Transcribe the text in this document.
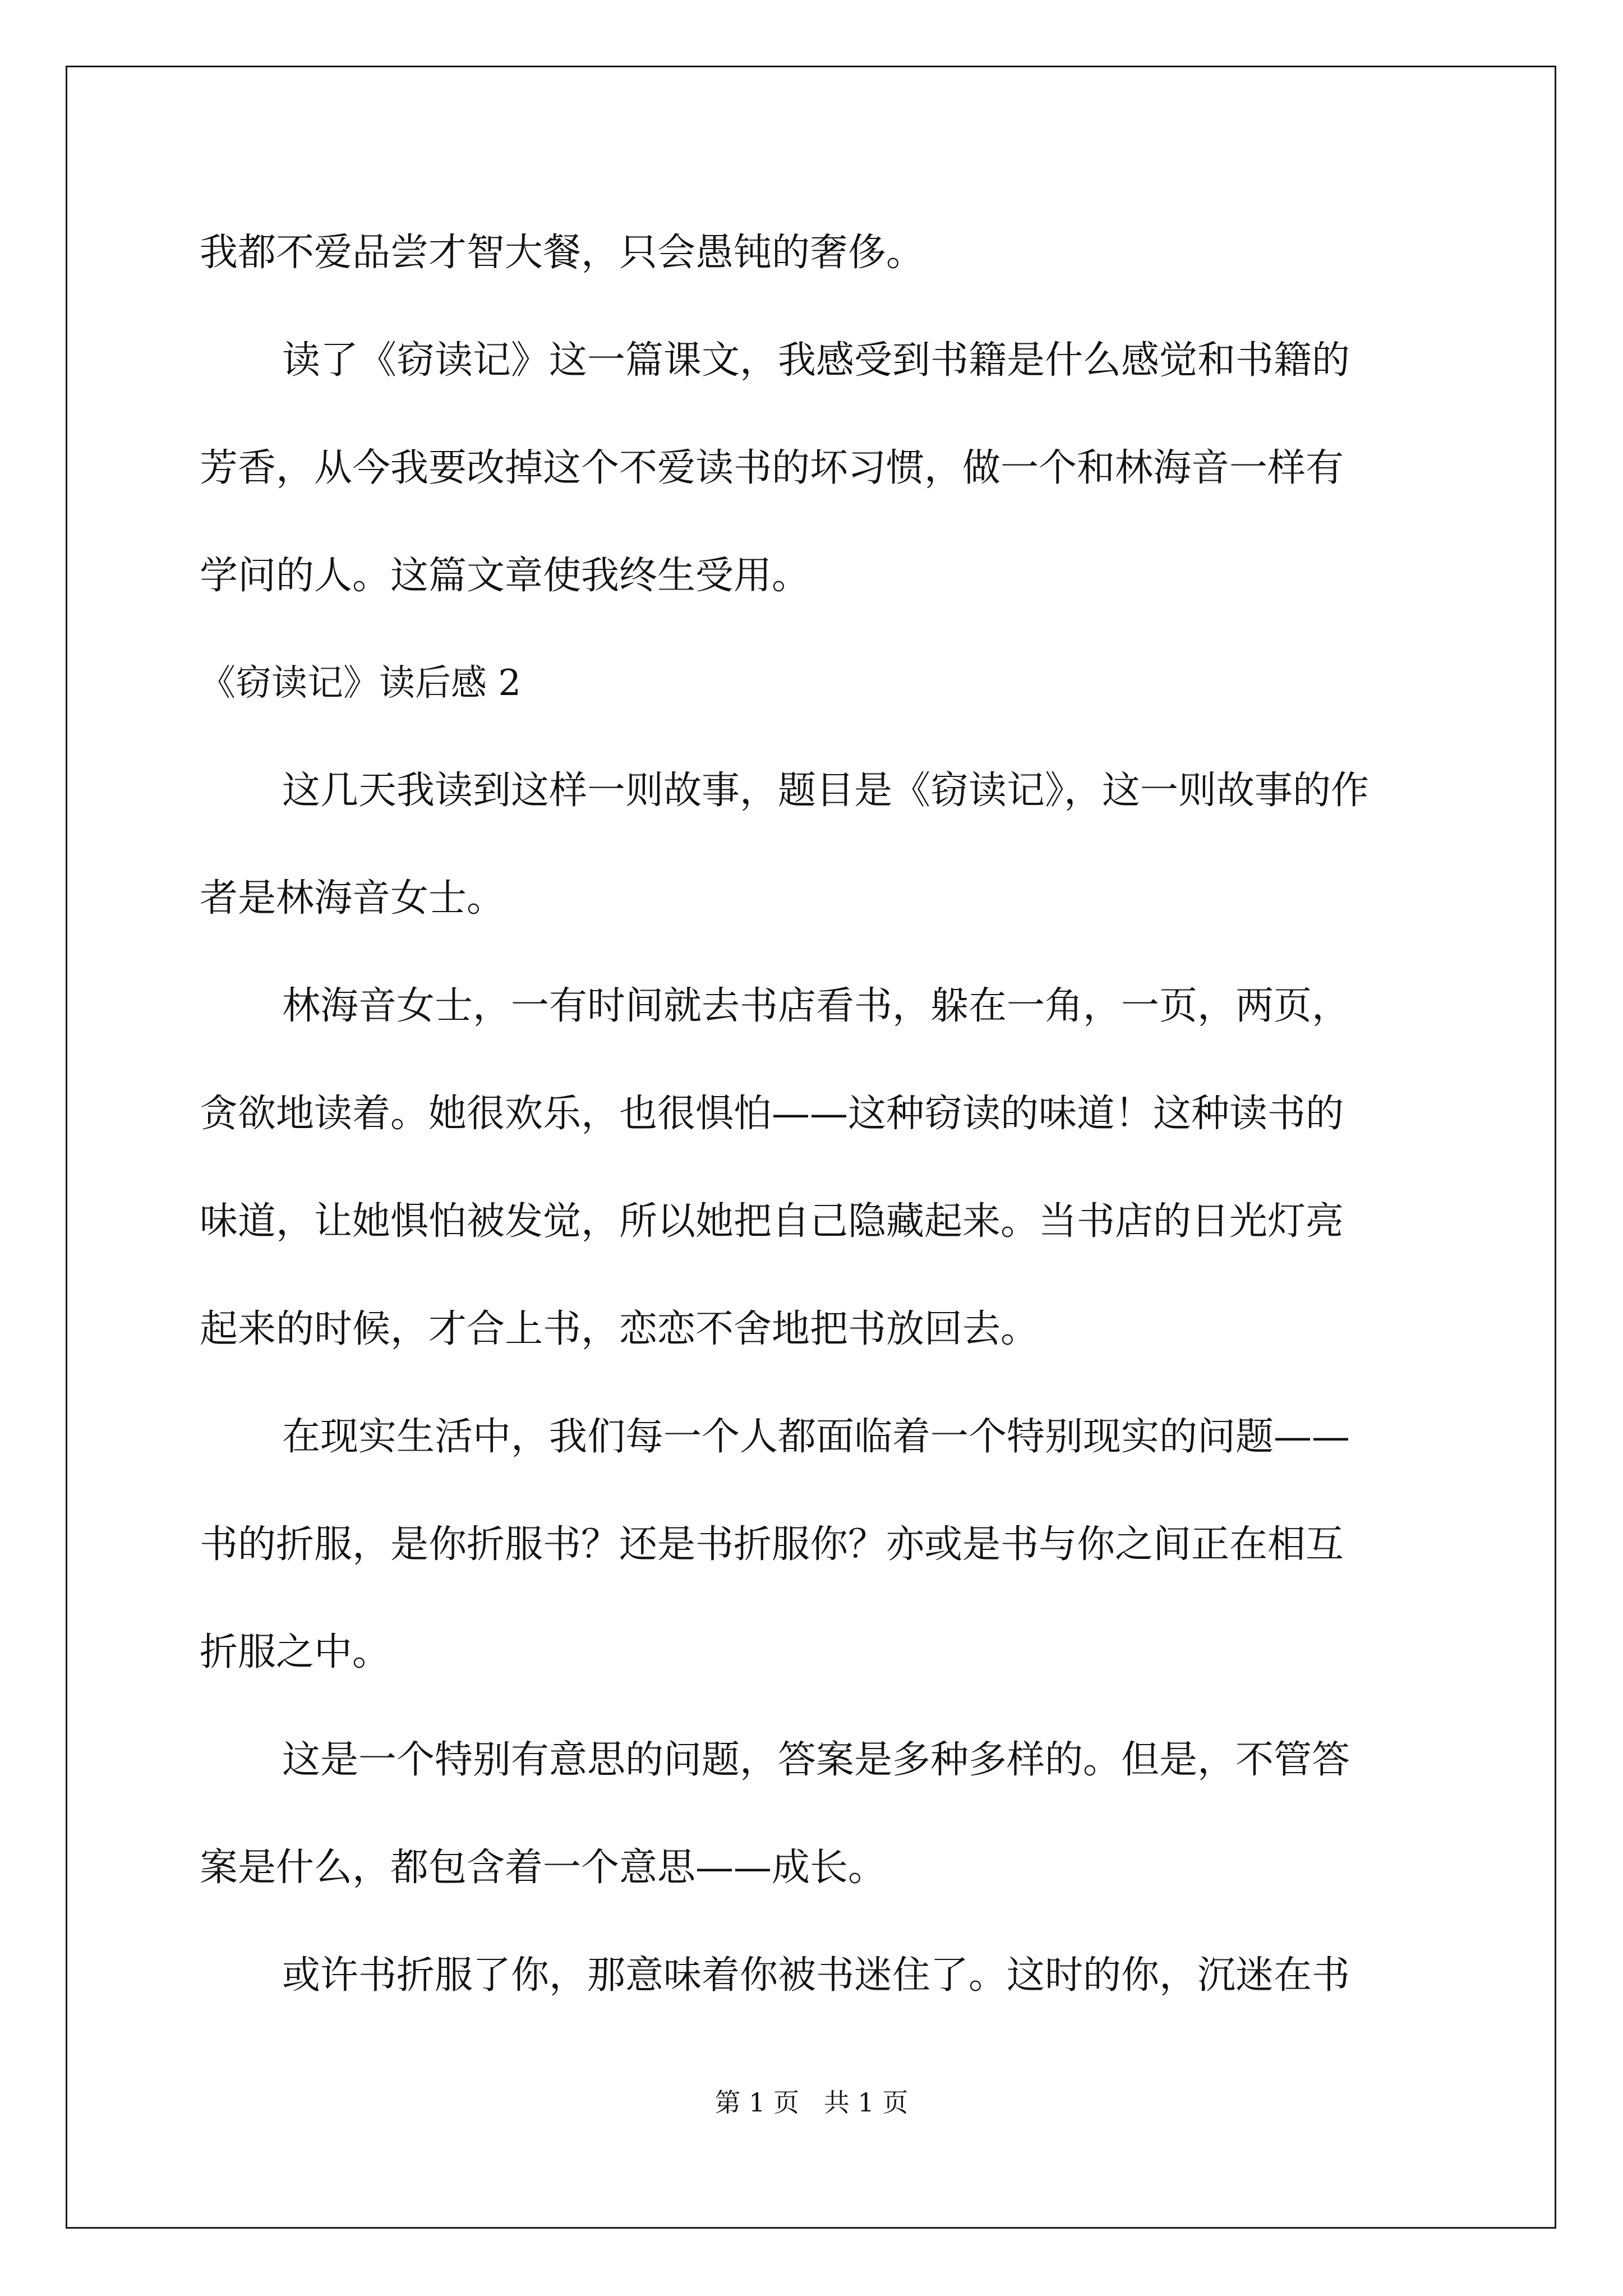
我都不爱品尝才智大餐，只会愚钝的奢侈。
读了《窃读记》这一篇课文，我感受到书籍是什么感觉和书籍的
芳香，从今我要改掉这个不爱读书的坏习惯，做一个和林海音一样有
学问的人。这篇文章使我终生受用。
《窃读记》读后感 2
这几天我读到这样一则故事，题目是《窃读记》，这一则故事的作
者是林海音女士。
林海音女士，一有时间就去书店看书，躲在一角，一页，两页，
贪欲地读着。她很欢乐，也很惧怕——这种窃读的味道！这种读书的
味道，让她惧怕被发觉，所以她把自己隐藏起来。当书店的日光灯亮
起来的时候，才合上书，恋恋不舍地把书放回去。
在现实生活中，我们每一个人都面临着一个特别现实的问题——
书的折服，是你折服书？还是书折服你？亦或是书与你之间正在相互
折服之中。
这是一个特别有意思的问题，答案是多种多样的。但是，不管答
案是什么，都包含着一个意思——成长。
或许书折服了你，那意味着你被书迷住了。这时的你，沉迷在书
第 1 页   共 1 页
